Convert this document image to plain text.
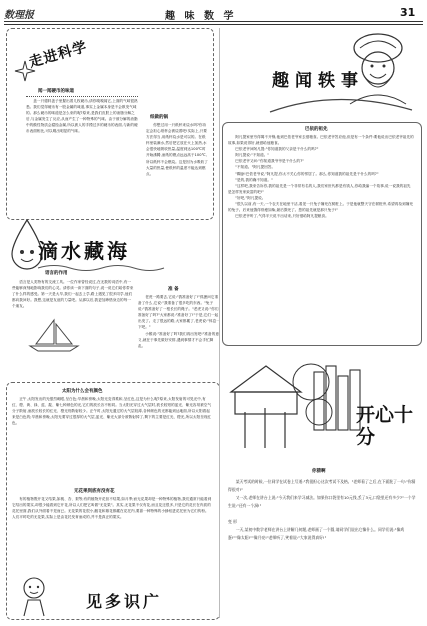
数理报	趣 味 数 学	31
走进科学
闻一闻硬币的味道
　　盖一只德料盖子里握出着几枚硬币,请你嗅嗅闻它,上面的气味很熟悉。我们觉得硬币有一股金属的味道,事实上金属本身是不会散发气味的。那么硬币的味道是怎么来的呢?原来,是我们皮肤上的油脂分解之后,与金属发生了反应,从而产生了一种特殊的气味。由于被分解的油脂中的酸性物质会腐蚀金属,所以被人的手摸过多的硬币的表面,与新的硬币表面相比,可以嗅出明显的气味。
纸做的锅
　　你想过用一只纸杯来烧水吗?你肯定会担心纸杯会被烧着吧!实际上,只要方法得当,用纸杯烧水是可以的。在纸杯里装满水,然后把它放在火上加热,水会很快地吸收热量,温度到达100℃时开始沸腾,而纸的燃点远远高于100℃,所以纸杯不会燃烧。这是因为水吸收了大量的热量,使纸杯的温度不能达到燃点。
趣闻轶事
巴依的祖先
　　阿凡提家里穷得揭不开锅,他到巴依老爷家去借粮食。巴依老爷答应他,但是有一个条件:要他说出巴依老爷祖先的故事,如果说得好,就借给他粮食。
　　巴依老爷问阿凡提:"你知道我的父亲是干什么的吗?"
　　阿凡提说:"不知道。"
　　巴依老爷又问:"你知道我爷爷是干什么的?"
　　"不知道。"阿凡提回答。
　　"糊涂!巴依老爷说,"阿凡提,你太不关心你的邻居了。那么,你知道我的祖先是干什么的吗?"
　　"是的,我的确不知道。"
　　"这样吧,我来告诉你,我的祖先是一个非常有名的人,我们家世代都是有钱人,你给我编一个故事,说一说我的祖先是怎样发家致富的吧!"
　　"好吧,"阿凡提说。
　　"很久以前,有一天,一个农夫在地里干活,看见一只兔子撞死在树桩上。于是他就整天守在树桩旁,希望再捡到撞死的兔子。后来他饿得骨瘦如柴,最后饿死了。您的祖先就是那只兔子!"
　　巴依老爷听了,气得半天说不出话来,只好借给阿凡提粮食。
滴水藏海
语言的作用
　　语言是人类特有的交流工具。一位作家曾经说过,在无数的词语中,有一些能够深刻地影响我们的心灵。请你读一读下面的句子,说一说它们给你带来了什么样的感受。第一天是大早,我们一起去上学,路上遇见了很多同学,他们都向我问好。我想,这就是友谊的力量吧。从那以后,我更加珍惜身边的每一个朋友。
准 备
　　老虎一路要去,它说:"我准备好了!"狐狸问它准备了什么,它说:"我准备了很多吃的东西。"兔子说:"我准备好了一根长长的绳子。"老虎又说:"你们准备好了吗?"大家都说:"准备好了!"于是,它们一起出发了。走了很远的路,大家都累了,老虎说:"休息一下吧。"
　　小猴说:"准备好了吗?我们再出发吧!"准备的意义,就在于事先做好安排,遇到事情才不会手忙脚乱。
太阳为什么会有颜色
　　正午,太阳发出的光强烈刺眼,呈白色;早晨和傍晚,太阳光变得柔和,呈红色,这是为什么呢?原来,太阳发射的可见光中,有红、橙、黄、绿、蓝、靛、紫七种颜色的光,它们的波长各不相同。当太阳光穿过大气层时,波长较短的蓝光、紫光容易被空气分子散射,而波长较长的红光、橙光则散射较少。正午时,太阳光通过的大气层较薄,各种颜色的光都能到达地面,所以太阳看起来是白色的;早晨和傍晚,太阳光要穿过很厚的大气层,蓝光、紫光大部分被散射掉了,剩下的主要是红光、橙光,所以太阳呈现红色。
无花果到底有没有花
　　有的植物既开花又结果,如桃、杏、梨等;有的植物开花但不结果,如月季;而无花果却是一种特殊的植物,我们通常只能看到它结出的果实,却很少能看到它开花,所以人们把它叫做"无花果"。其实,无花果不仅有花,而且花还很多,只是它的花长在肉质的花托里面,我们从外面看不见而已。无花果的花很小,雌花和雄花都藏在花托内,要靠一种特殊的小蜂钻进花托里为它们传粉。人们平时吃的无花果,实际上是由花托发育而成的,并不是真正的果实。
见多识广
开心十分
你猜啊
　　某天考试的时候,一位同学在试卷上写道:"我很担心这次考试不及格。"老师看了之后,在下面批了一句:"你猜得很对!"
　　又一次,老师在讲台上说:"今天我们来学习减法。如果你口袋里有10元钱,丢了3元,口袋里还有多少?"一个学生说:"还有一个洞!"

变 形
　　一天,某初中数学老师在讲台上讲解几何题,老师画了一个圆,请同学们说出它像什么。同学们说:"像鸡蛋!""像太阳!""像月亮!"老师听了,笑着说:"大家说得真好!"
